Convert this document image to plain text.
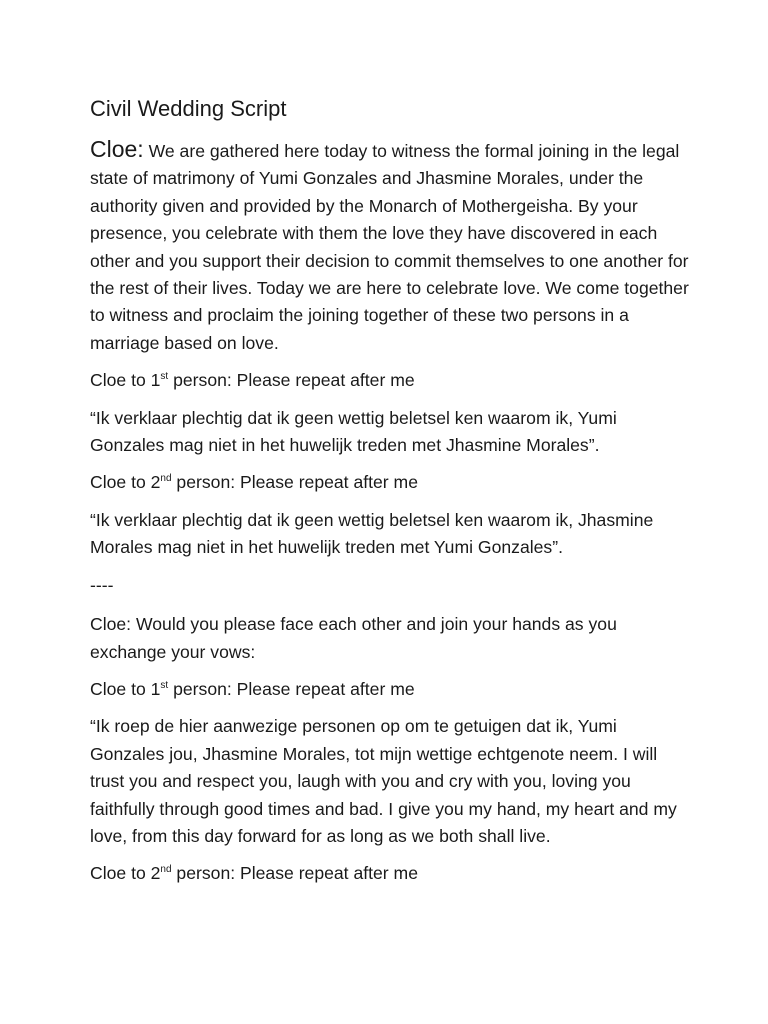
Civil Wedding Script

Cloe: We are gathered here today to witness the formal joining in the legal state of matrimony of Yumi Gonzales and Jhasmine Morales, under the authority given and provided by the Monarch of Mothergeisha. By your presence, you celebrate with them the love they have discovered in each other and you support their decision to commit themselves to one another for the rest of their lives. Today we are here to celebrate love. We come together to witness and proclaim the joining together of these two persons in a marriage based on love.

Cloe to 1st person: Please repeat after me

“Ik verklaar plechtig dat ik geen wettig beletsel ken waarom ik, Yumi Gonzales mag niet in het huwelijk treden met Jhasmine Morales”.

Cloe to 2nd person: Please repeat after me

“Ik verklaar plechtig dat ik geen wettig beletsel ken waarom ik, Jhasmine Morales mag niet in het huwelijk treden met Yumi Gonzales”.

----

Cloe: Would you please face each other and join your hands as you exchange your vows:

Cloe to 1st person: Please repeat after me

“Ik roep de hier aanwezige personen op om te getuigen dat ik, Yumi Gonzales jou, Jhasmine Morales, tot mijn wettige echtgenote neem. I will trust you and respect you, laugh with you and cry with you, loving you faithfully through good times and bad. I give you my hand, my heart and my love, from this day forward for as long as we both shall live.

Cloe to 2nd person: Please repeat after me
